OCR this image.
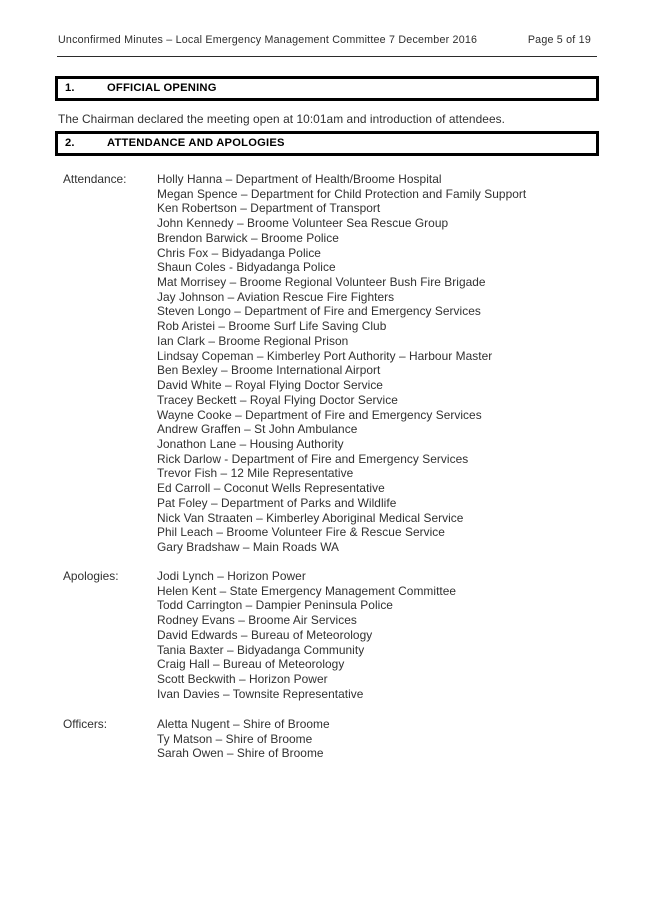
Unconfirmed Minutes – Local Emergency Management Committee 7 December 2016	Page 5 of 19
1.	OFFICIAL OPENING
The Chairman declared the meeting open at 10:01am and introduction of attendees.
2.	ATTENDANCE AND APOLOGIES
Attendance:	Holly Hanna – Department of Health/Broome Hospital
Megan Spence – Department for Child Protection and Family Support
Ken Robertson – Department of Transport
John Kennedy – Broome Volunteer Sea Rescue Group
Brendon Barwick – Broome Police
Chris Fox – Bidyadanga Police
Shaun Coles - Bidyadanga Police
Mat Morrisey – Broome Regional Volunteer Bush Fire Brigade
Jay Johnson – Aviation Rescue Fire Fighters
Steven Longo – Department of Fire and Emergency Services
Rob Aristei – Broome Surf Life Saving Club
Ian Clark – Broome Regional Prison
Lindsay Copeman – Kimberley Port Authority – Harbour Master
Ben Bexley – Broome International Airport
David White – Royal Flying Doctor Service
Tracey Beckett – Royal Flying Doctor Service
Wayne Cooke – Department of Fire and Emergency Services
Andrew Graffen – St John Ambulance
Jonathon Lane – Housing Authority
Rick Darlow - Department of Fire and Emergency Services
Trevor Fish – 12 Mile Representative
Ed Carroll – Coconut Wells Representative
Pat Foley – Department of Parks and Wildlife
Nick Van Straaten – Kimberley Aboriginal Medical Service
Phil Leach – Broome Volunteer Fire & Rescue Service
Gary Bradshaw – Main Roads WA
Apologies:	Jodi Lynch – Horizon Power
Helen Kent – State Emergency Management Committee
Todd Carrington – Dampier Peninsula Police
Rodney Evans – Broome Air Services
David Edwards – Bureau of Meteorology
Tania Baxter – Bidyadanga Community
Craig Hall – Bureau of Meteorology
Scott Beckwith – Horizon Power
Ivan Davies – Townsite Representative
Officers:	Aletta Nugent – Shire of Broome
Ty Matson – Shire of Broome
Sarah Owen – Shire of Broome
